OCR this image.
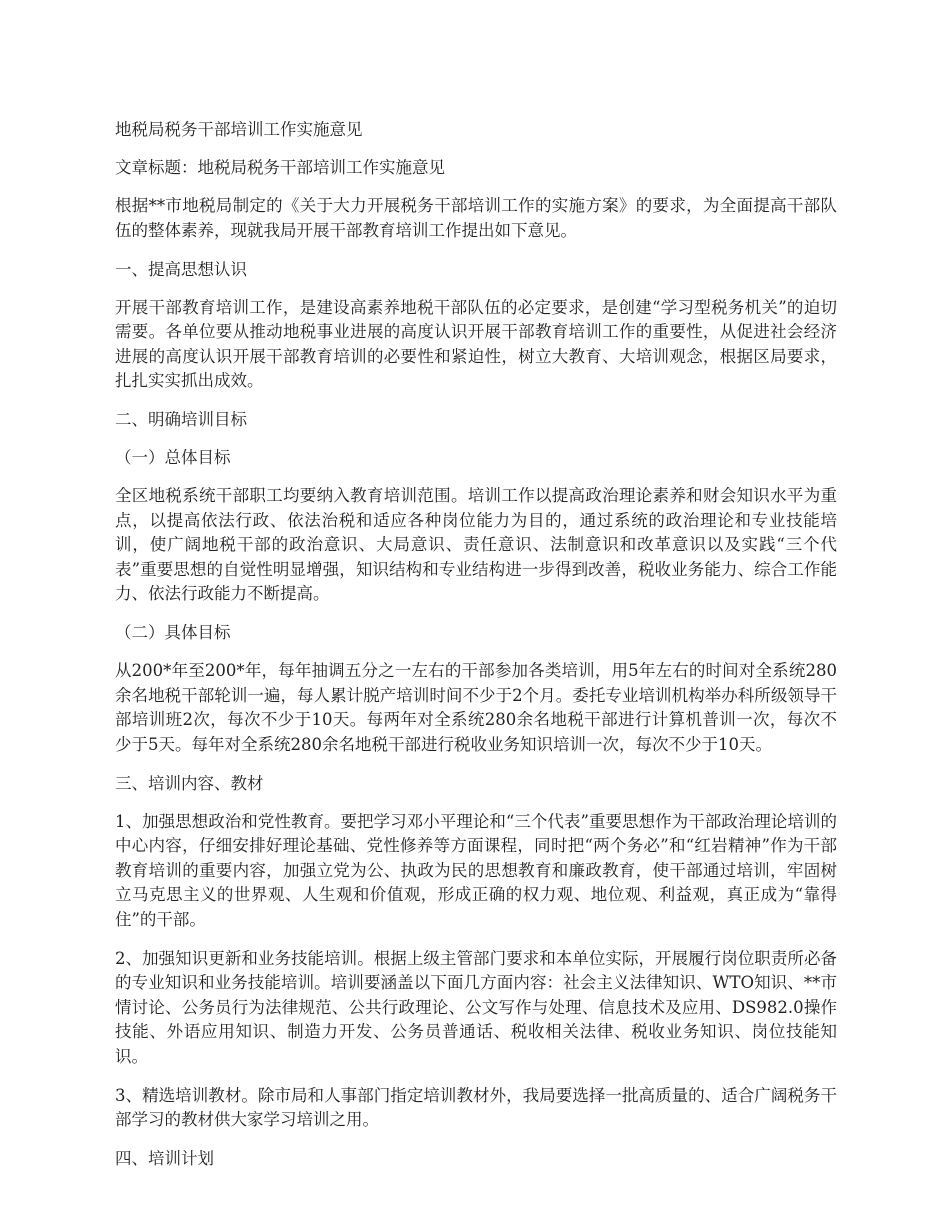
地税局税务干部培训工作实施意见

文章标题：地税局税务干部培训工作实施意见

根据**市地税局制定的《关于大力开展税务干部培训工作的实施方案》的要求，为全面提高干部队伍的整体素养，现就我局开展干部教育培训工作提出如下意见。

一、提高思想认识

开展干部教育培训工作，是建设高素养地税干部队伍的必定要求，是创建“学习型税务机关”的迫切需要。各单位要从推动地税事业进展的高度认识开展干部教育培训工作的重要性，从促进社会经济进展的高度认识开展干部教育培训的必要性和紧迫性，树立大教育、大培训观念，根据区局要求，扎扎实实抓出成效。

二、明确培训目标

（一）总体目标

全区地税系统干部职工均要纳入教育培训范围。培训工作以提高政治理论素养和财会知识水平为重点，以提高依法行政、依法治税和适应各种岗位能力为目的，通过系统的政治理论和专业技能培训，使广阔地税干部的政治意识、大局意识、责任意识、法制意识和改革意识以及实践“三个代表”重要思想的自觉性明显增强，知识结构和专业结构进一步得到改善，税收业务能力、综合工作能力、依法行政能力不断提高。

（二）具体目标

从200*年至200*年，每年抽调五分之一左右的干部参加各类培训，用5年左右的时间对全系统280余名地税干部轮训一遍，每人累计脱产培训时间不少于2个月。委托专业培训机构举办科所级领导干部培训班2次，每次不少于10天。每两年对全系统280余名地税干部进行计算机普训一次，每次不少于5天。每年对全系统280余名地税干部进行税收业务知识培训一次，每次不少于10天。

三、培训内容、教材

1、加强思想政治和党性教育。要把学习邓小平理论和“三个代表”重要思想作为干部政治理论培训的中心内容，仔细安排好理论基础、党性修养等方面课程，同时把“两个务必”和“红岩精神”作为干部教育培训的重要内容，加强立党为公、执政为民的思想教育和廉政教育，使干部通过培训，牢固树立马克思主义的世界观、人生观和价值观，形成正确的权力观、地位观、利益观，真正成为“靠得住”的干部。

2、加强知识更新和业务技能培训。根据上级主管部门要求和本单位实际，开展履行岗位职责所必备的专业知识和业务技能培训。培训要涵盖以下面几方面内容：社会主义法律知识、WTO知识、**市情讨论、公务员行为法律规范、公共行政理论、公文写作与处理、信息技术及应用、DS982.0操作技能、外语应用知识、制造力开发、公务员普通话、税收相关法律、税收业务知识、岗位技能知识。

3、精选培训教材。除市局和人事部门指定培训教材外，我局要选择一批高质量的、适合广阔税务干部学习的教材供大家学习培训之用。

四、培训计划
